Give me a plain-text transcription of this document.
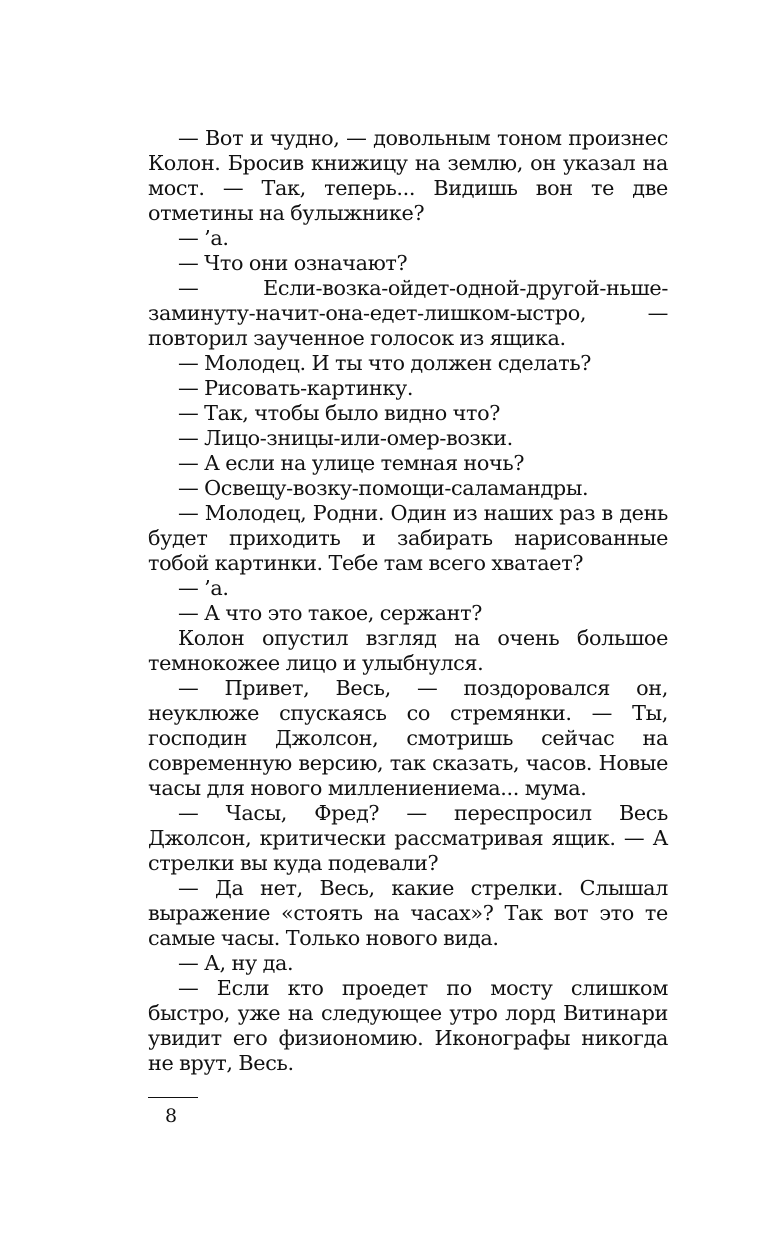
— Вот и чудно, — довольным тоном произнес Колон. Бросив книжицу на землю, он указал на мост. — Так, теперь... Видишь вон те две отметины на булыжнике?

— ’а.

— Что они означают?

— Если-возка-ойдет-одной-другой-ньше-заминуту-начит-она-едет-лишком-ыстро, — повторил заученное голосок из ящика.

— Молодец. И ты что должен сделать?

— Рисовать-картинку.

— Так, чтобы было видно что?

— Лицо-зницы-или-омер-возки.

— А если на улице темная ночь?

— Освещу-возку-помощи-саламандры.

— Молодец, Родни. Один из наших раз в день будет приходить и забирать нарисованные тобой картинки. Тебе там всего хватает?

— ’а.

— А что это такое, сержант?

Колон опустил взгляд на очень большое темнокожее лицо и улыбнулся.

— Привет, Весь, — поздоровался он, неуклюже спускаясь со стремянки. — Ты, господин Джолсон, смотришь сейчас на современную версию, так сказать, часов. Новые часы для нового миллениениема... мума.

— Часы, Фред? — переспросил Весь Джолсон, критически рассматривая ящик. — А стрелки вы куда подевали?

— Да нет, Весь, какие стрелки. Слышал выражение «стоять на часах»? Так вот это те самые часы. Только нового вида.

— А, ну да.

— Если кто проедет по мосту слишком быстро, уже на следующее утро лорд Витинари увидит его физиономию. Иконографы никогда не врут, Весь.

8
